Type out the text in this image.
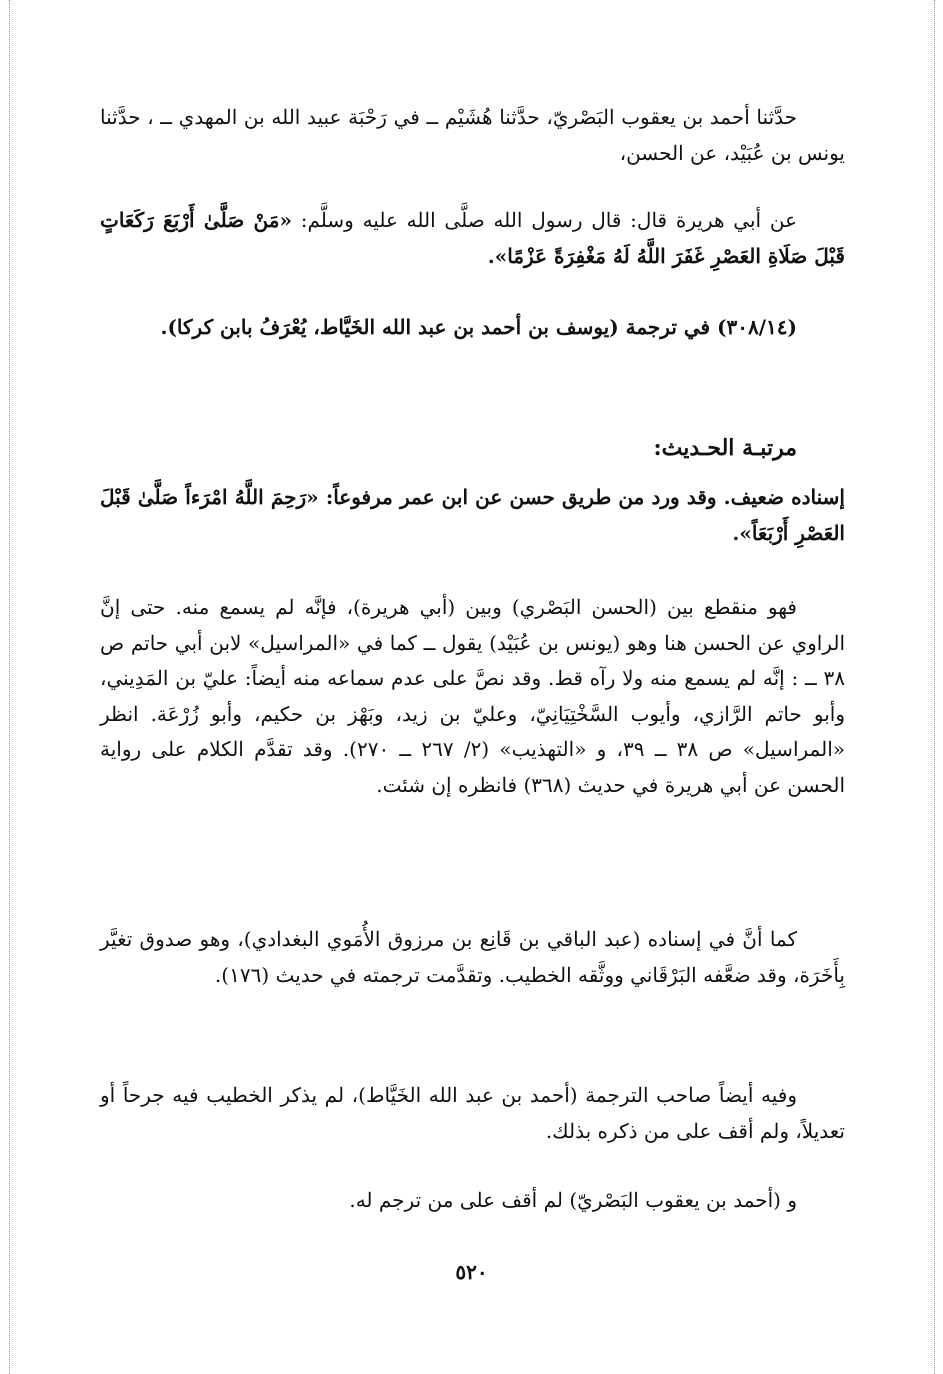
حدَّثنا أحمد بن يعقوب البَصْريّ، حدَّثنا هُشَيْم ــ في رَحْبَة عبيد الله بن المهدي ــ ، حدَّثنا يونس بن عُبَيْد، عن الحسن،

عن أبي هريرة قال: قال رسول الله صلَّى الله عليه وسلَّم: «مَنْ صَلَّىٰ أَرْبَعَ رَكَعَاتٍ قَبْلَ صَلَاةِ العَصْرِ غَفَرَ اللَّهُ لَهُ مَغْفِرَةً عَزْمًا».

(٣٠٨/١٤) في ترجمة (يوسف بن أحمد بن عبد الله الخَيَّاط، يُعْرَفُ بابن كركا).

مرتبـة الحـديث:

إسناده ضعيف. وقد ورد من طريق حسن عن ابن عمر مرفوعاً: «رَحِمَ اللَّهُ امْرَءاً صَلَّىٰ قَبْلَ العَصْرِ أَرْبَعَاً».

فهو منقطع بين (الحسن البَصْري) وبين (أبي هريرة)، فإنَّه لم يسمع منه. حتى إنَّ الراوي عن الحسن هنا وهو (يونس بن عُبَيْد) يقول ــ كما في «المراسيل» لابن أبي حاتم ص ٣٨ ــ : إنَّه لم يسمع منه ولا رآه قط. وقد نصَّ على عدم سماعه منه أيضاً: عليّ بن المَدِيني، وأبو حاتم الرَّازي، وأيوب السَّخْتِيَانِيّ، وعليّ بن زيد، وبَهْز بن حكيم، وأبو زُرْعَة. انظر «المراسيل» ص ٣٨ ــ ٣٩، و «التهذيب» (٢/ ٢٦٧ ــ ٢٧٠). وقد تقدَّم الكلام على رواية الحسن عن أبي هريرة في حديث (٣٦٨) فانظره إن شئت.

كما أنَّ في إسناده (عبد الباقي بن قَانِع بن مرزوق الأُمَوي البغدادي)، وهو صدوق تغيَّر بِأَخَرَة، وقد ضعَّفه البَرْقَاني ووثَّقه الخطيب. وتقدَّمت ترجمته في حديث (١٧٦).

وفيه أيضاً صاحب الترجمة (أحمد بن عبد الله الخَيَّاط)، لم يذكر الخطيب فيه جرحاً أو تعديلاً، ولم أقف على من ذكره بذلك.

و (أحمد بن يعقوب البَصْريّ) لم أقف على من ترجم له.

٥٢٠
